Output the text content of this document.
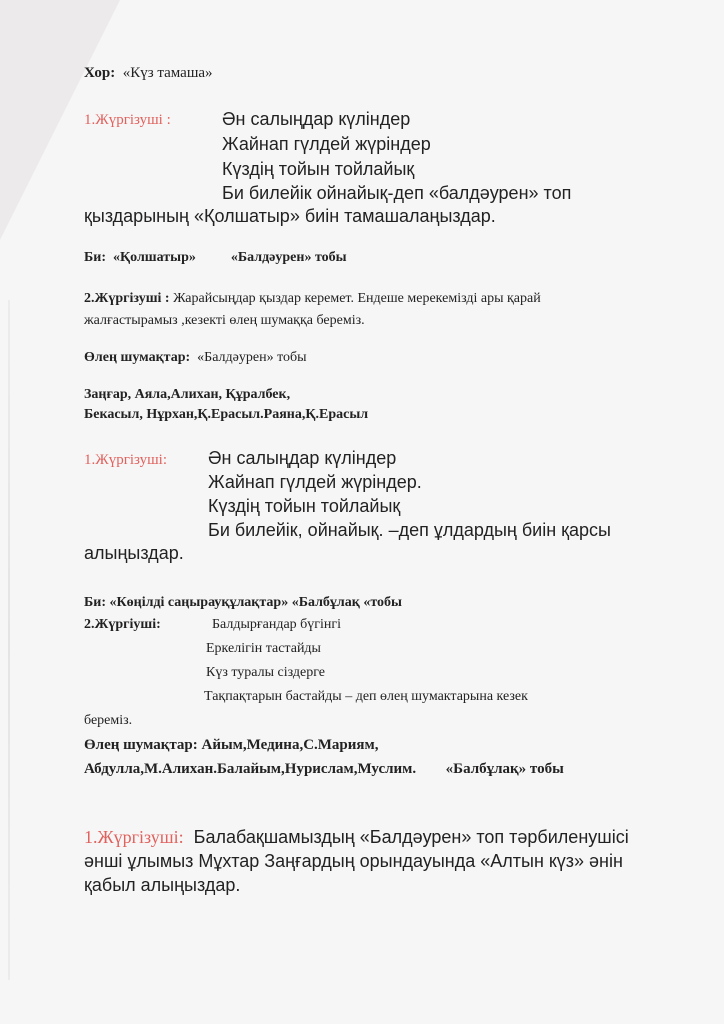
Хор: «Күз тамаша»
1.Жүргізуші :	Ән салыңдар күліндер
Жайнап гүлдей жүріндер
Күздің тойын тойлайық
Би билейік ойнайық-деп «балдәурен» топ
қыздарының «Қолшатыр» биін тамашалаңыздар.
Би: «Қолшатыр»	«Балдәурен» тобы
2.Жүргізуші : Жарайсыңдар қыздар керемет. Ендеше мерекемізді ары қарай
жалғастырамыз ,кезекті өлең шумаққа береміз.
Өлең шумақтар: «Балдәурен» тобы
Заңғар, Аяла,Алихан, Құралбек,
Бекасыл, Нұрхан,Қ.Ерасыл.Раяна,Қ.Ерасыл
1.Жүргізуші: Ән салыңдар күліндер
Жайнап гүлдей жүріндер.
Күздің тойын тойлайық
Би билейік, ойнайық. –деп ұлдардың биін қарсы
алыңыздар.
Би: «Көңілді саңырауқұлақтар» «Балбұлақ «тобы
2.Жүргіуші:	Балдырғандар бүгінгі
Еркелігін тастайды
Күз туралы сіздерге
Тақпақтарын бастайды – деп өлең шумактарына кезек
береміз.
Өлең шумақтар: Айым,Медина,С.Мариям,
Абдулла,М.Алихан.Балайым,Нурислам,Муслим. «Балбұлақ» тобы
1.Жүргізуші: Балабақшамыздың «Балдәурен» топ тәрбиленушісі
әнші ұлымыз Мұхтар Заңғардың орындауында «Алтын күз» әнін
қабыл алыңыздар.
